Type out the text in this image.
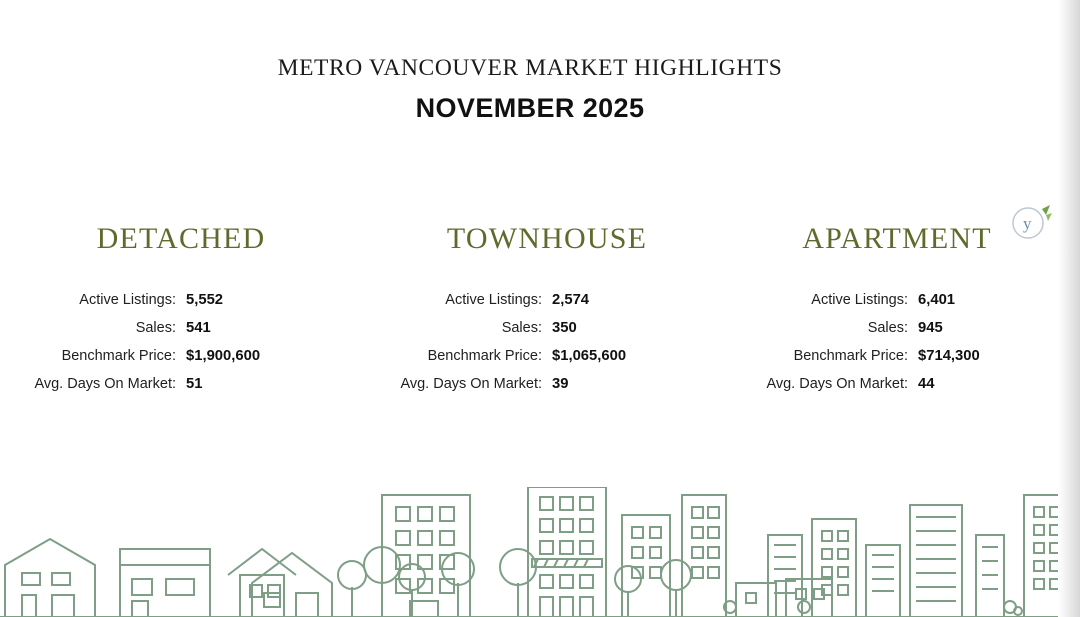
METRO VANCOUVER MARKET HIGHLIGHTS
NOVEMBER 2025
DETACHED
Active Listings: 5,552
Sales: 541
Benchmark Price: $1,900,600
Avg. Days On Market: 51
TOWNHOUSE
Active Listings: 2,574
Sales: 350
Benchmark Price: $1,065,600
Avg. Days On Market: 39
APARTMENT
Active Listings: 6,401
Sales: 945
Benchmark Price: $714,300
Avg. Days On Market: 44
y
